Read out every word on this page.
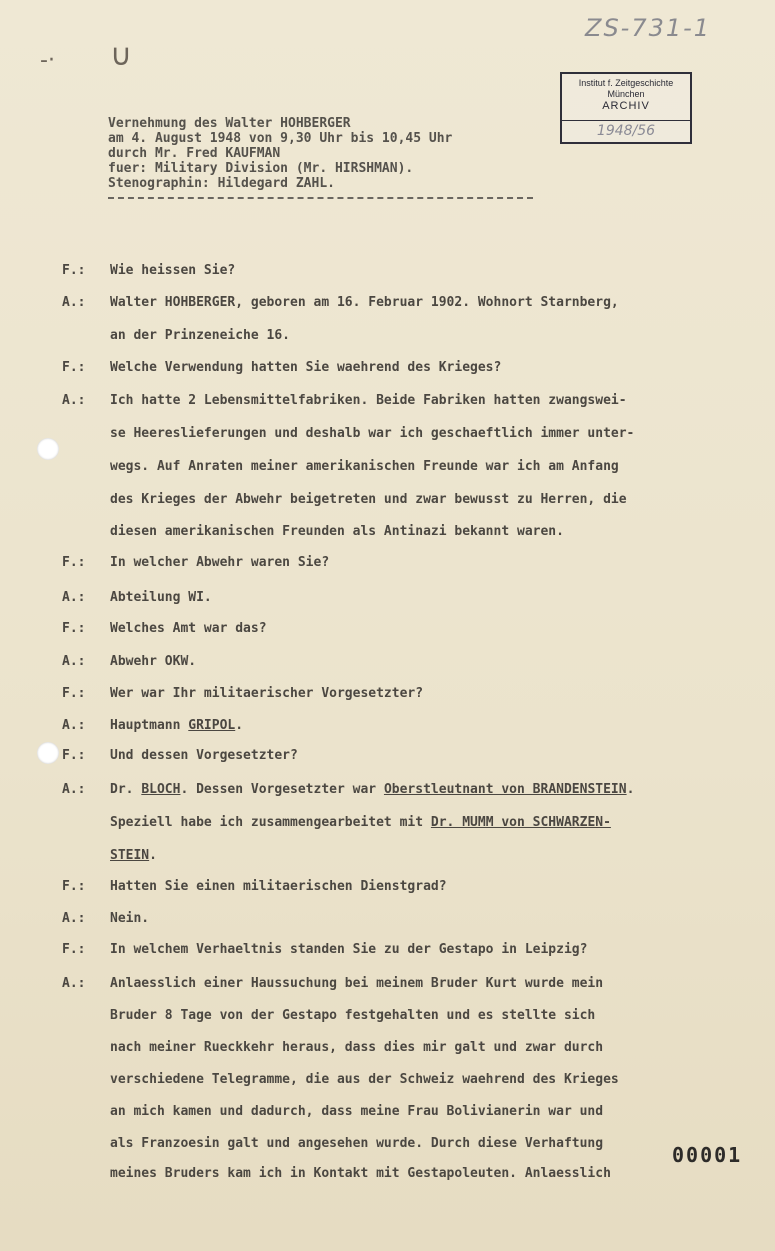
-· ∪
ZS-731-1
Institut f. Zeitgeschichte
München
ARCHIV
1948/56
Vernehmung des Walter HOHBERGER
am 4. August 1948 von 9,30 Uhr bis 10,45 Uhr
durch Mr. Fred KAUFMAN
fuer: Military Division (Mr. HIRSHMAN).
Stenographin: Hildegard ZAHL.
F.:	Wie heissen Sie?
A.:	Walter HOHBERGER, geboren am 16. Februar 1902. Wohnort Starnberg,
an der Prinzeneiche 16.
F.:	Welche Verwendung hatten Sie waehrend des Krieges?
A.:	Ich hatte 2 Lebensmittelfabriken. Beide Fabriken hatten zwangswei-
se Heereslieferungen und deshalb war ich geschaeftlich immer unter-
wegs. Auf Anraten meiner amerikanischen Freunde war ich am Anfang
des Krieges der Abwehr beigetreten und zwar bewusst zu Herren, die
diesen amerikanischen Freunden als Antinazi bekannt waren.
F.:	In welcher Abwehr waren Sie?
A.:	Abteilung WI.
F.:	Welches Amt war das?
A.:	Abwehr OKW.
F.:	Wer war Ihr militaerischer Vorgesetzter?
A.:	Hauptmann GRIPOL.
F.:	Und dessen Vorgesetzter?
A.:	Dr. BLOCH. Dessen Vorgesetzter war Oberstleutnant von BRANDENSTEIN.
Speziell habe ich zusammengearbeitet mit Dr. MUMM von SCHWARZEN-
STEIN.
F.:	Hatten Sie einen militaerischen Dienstgrad?
A.:	Nein.
F.:	In welchem Verhaeltnis standen Sie zu der Gestapo in Leipzig?
A.:	Anlaesslich einer Haussuchung bei meinem Bruder Kurt wurde mein
Bruder 8 Tage von der Gestapo festgehalten und es stellte sich
nach meiner Rueckkehr heraus, dass dies mir galt und zwar durch
verschiedene Telegramme, die aus der Schweiz waehrend des Krieges
an mich kamen und dadurch, dass meine Frau Bolivianerin war und
als Franzoesin galt und angesehen wurde. Durch diese Verhaftung
meines Bruders kam ich in Kontakt mit Gestapoleuten. Anlaesslich
00001
